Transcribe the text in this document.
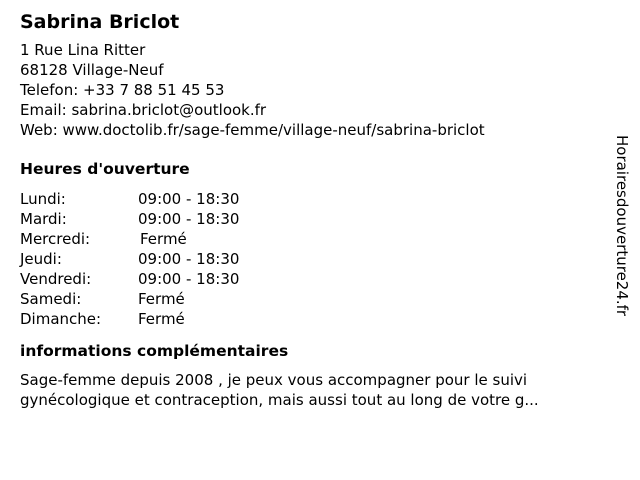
Sabrina Briclot
1 Rue Lina Ritter
68128 Village-Neuf
Telefon: +33 7 88 51 45 53
Email: sabrina.briclot@outlook.fr
Web: www.doctolib.fr/sage-femme/village-neuf/sabrina-briclot
Heures d'ouverture
Lundi:	09:00 - 18:30
Mardi:	09:00 - 18:30
Mercredi:	Fermé
Jeudi:	09:00 - 18:30
Vendredi:	09:00 - 18:30
Samedi:	Fermé
Dimanche:	Fermé
informations complémentaires
Sage-femme depuis 2008 , je peux vous accompagner pour le suivi
gynécologique et contraception, mais aussi tout au long de votre g...
Horairesdouverture24.fr
